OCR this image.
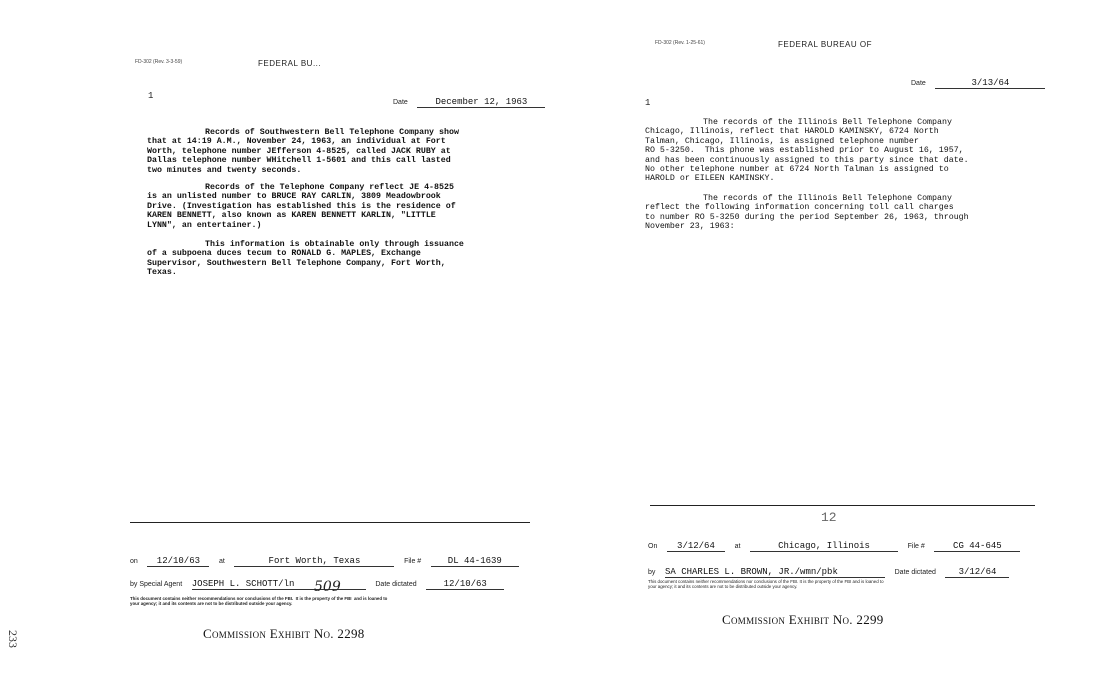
233
FD-302 (Rev. 3-3-59)	FEDERAL BU...
1
Date	December 12, 1963
Records of Southwestern Bell Telephone Company show
that at 14:19 A.M., November 24, 1963, an individual at Fort
Worth, telephone number JEfferson 4-8525, called JACK RUBY at
Dallas telephone number WHitchell 1-5601 and this call lasted
two minutes and twenty seconds.
Records of the Telephone Company reflect JE 4-8525
is an unlisted number to BRUCE RAY CARLIN, 3809 Meadowbrook
Drive. (Investigation has established this is the residence of
KAREN BENNETT, also known as KAREN BENNETT KARLIN, "LITTLE
LYNN", an entertainer.)
This information is obtainable only through issuance
of a subpoena duces tecum to RONALD G. MAPLES, Exchange
Supervisor, Southwestern Bell Telephone Company, Fort Worth,
Texas.
on 12/10/63	at	Fort Worth, Texas	File #	DL 44-1639
by Special Agent JOSEPH L. SCHOTT/ln	Date dictated	12/10/63
509
This document contains neither recommendations nor conclusions of the FBI.  It is the property of the FBI  and is loaned to
your agency; it and its contents are not to be distributed outside your agency.
Commission Exhibit No. 2298
FD-302 (Rev. 1-25-61)	FEDERAL BUREAU OF
Date	3/13/64
1
The records of the Illinois Bell Telephone Company
Chicago, Illinois, reflect that HAROLD KAMINSKY, 6724 North
Talman, Chicago, Illinois, is assigned telephone number
RO 5-3250.  This phone was established prior to August 16, 1957,
and has been continuously assigned to this party since that date.
No other telephone number at 6724 North Talman is assigned to
HAROLD or EILEEN KAMINSKY.
The records of the Illinois Bell Telephone Company
reflect the following information concerning toll call charges
to number RO 5-3250 during the period September 26, 1963, through
November 23, 1963:
12
On 3/12/64	at	Chicago, Illinois	File #	CG 44-645
by SA CHARLES L. BROWN, JR./wmn/pbk	Date dictated	3/12/64
This document contains neither recommendations nor conclusions of the FBI. It is the property of the FBI and is loaned to
your agency; it and its contents are not to be distributed outside your agency.
Commission Exhibit No. 2299
